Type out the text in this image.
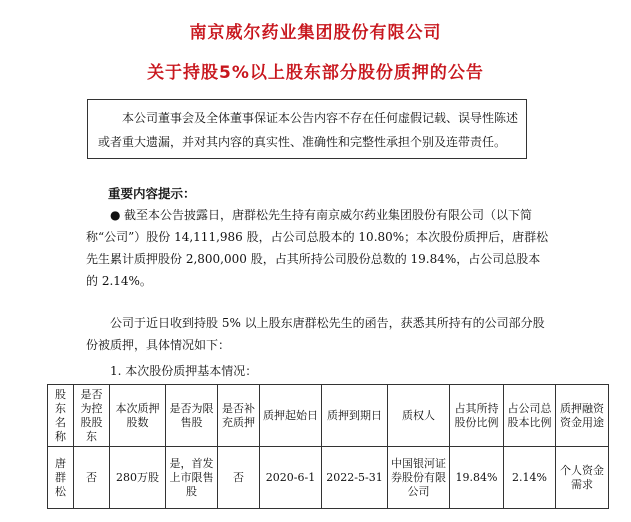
南京威尔药业集团股份有限公司
关于持股5%以上股东部分股份质押的公告
本公司董事会及全体董事保证本公告内容不存在任何虚假记载、误导性陈述
或者重大遗漏，并对其内容的真实性、准确性和完整性承担个别及连带责任。
重要内容提示：
● 截至本公告披露日，唐群松先生持有南京威尔药业集团股份有限公司（以下简
称“公司”）股份 14,111,986 股，占公司总股本的 10.80%；本次股份质押后，唐群松
先生累计质押股份 2,800,000 股，占其所持公司股份总数的 19.84%，占公司总股本
的 2.14%。
公司于近日收到持股 5% 以上股东唐群松先生的函告，获悉其所持有的公司部分股
份被质押，具体情况如下：
1. 本次股份质押基本情况：
股东名称	是否为控股股东	本次质押股数	是否为限售股	是否补充质押	质押起始日	质押到期日	质权人	占其所持股份比例	占公司总股本比例	质押融资资金用途
唐群松	否	280万股	是，首发上市限售股	否	2020-6-1	2022-5-31	中国银河证券股份有限公司	19.84%	2.14%	个人资金需求
